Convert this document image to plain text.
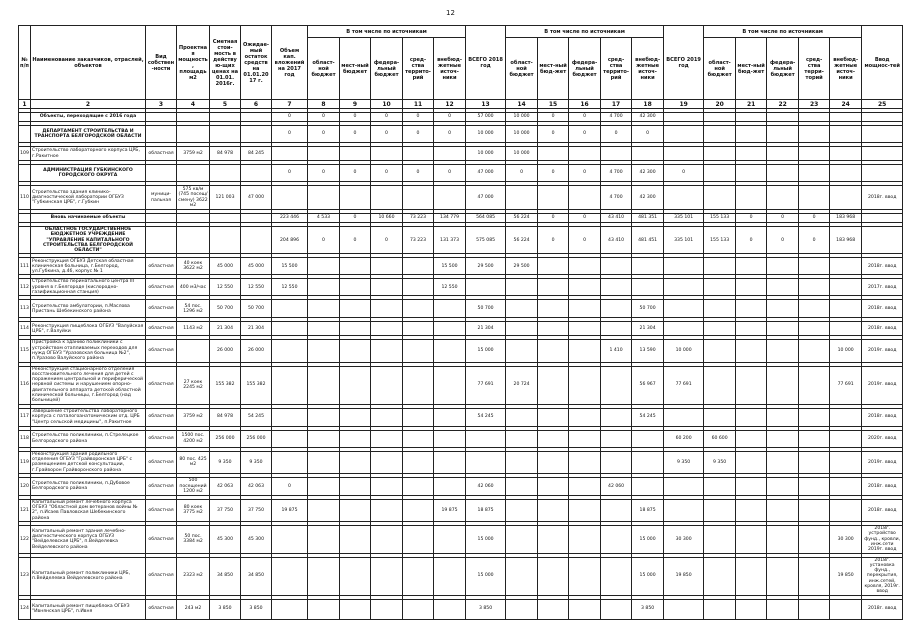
12
№ п/п	Наименование заказчиков, отраслей, объектов	Вид собствен-ности	Проектная мощность, площадь м2	Сметная стои-мость в действую-щих ценах на 01.01. 2016г.	Ожидае-мый остаток средств на 01.01.2017 г.	Объем кап. вложений на 2017 год	В том числе по источникам					ВСЕГО 2018 год	В том числе по источникам					ВСЕГО 2019 год	В том числе по источникам					Ввод мощнос-тей
							област-ной бюджет	мест-ный бюджет	федера-льный бюджет	сред-ства террито-рий	внебюд-жетные источ-ники		област-ной бюджет	мест-ный бюд-жет	федера-льный бюджет	сред-ства террито-рий	внебюд-жетные источ-ники		област-ной бюджет	мест-ный бюд-жет	федера-льный бюджет	сред-ства терри-торий	внебюд-жетные источ-ники	
1	2	3	4	5	6	7	8	9	10	11	12	13	14	15	16	17	18	19	20	21	22	23	24	25

	Объекты, переходящие с 2016 года					0	0	0	0	0	0	57 000	10 000	0	0	4 700	42 300							

	ДЕПАРТАМЕНТ СТРОИТЕЛЬСТВА И ТРАНСПОРТА БЕЛГОРОДСКОЙ ОБЛАСТИ					0	0	0	0	0	0	10 000	10 000	0	0	0	0							

109	Строительство лабораторного корпуса ЦРБ, г.Ракитное	областная	3759 м2	84 978	84 245							10 000	10 000											

	АДМИНИСТРАЦИЯ ГУБКИНСКОГО ГОРОДСКОГО ОКРУГА					0	0	0	0	0	0	47 000	0	0	0	4 700	42 300	0						

110	Строительство здания клинико-диагностической лаборатории ОГБУЗ "Губкинская ЦРБ", г.Губкин	муници-пальная	575 кв/м (745 посещ/смену) 3622 м2	121 003	47 000							47 000				4 700	42 300							2018г. ввод

	Вновь начинаемые объекты					223 446	4 533	0	10 660	73 223	134 779	564 085	56 224	0	0	43 410	481 351	335 101	155 133	0	0	0	183 968	

	ОБЛАСТНОЕ ГОСУДАРСТВЕННОЕ БЮДЖЕТНОЕ УЧРЕЖДЕНИЕ "УПРАВЛЕНИЕ КАПИТАЛЬНОГО СТРОИТЕЛЬСТВА БЕЛГОРОДСКОЙ ОБЛАСТИ"					204 896	0	0	0	73 223	131 373	575 085	56 224	0	0	43 410	481 451	335 101	155 133	0	0	0	183 968	

111	Реконструкция ОГБУЗ Детская областная клиническая больница, г.Белгород, ул.Губкина, д.46, корпус № 1	областная	40 коек 3622 м2	45 000	45 000	15 500					15 500	29 500	29 500											2018г. ввод

112	Строительство перинатального центра III уровня в г.Белгороде (кислородно-газификационная станция)	областная	400 м3/час	12 550	12 550	12 550					12 550													2017г. ввод

113	Строительство амбулатории, п.Маслова Пристань Шебекинского района	областная	54 пос. 1296 м2	50 700	50 700							50 700					50 700							2018г. ввод

114	Реконструкция пищеблока ОГБУЗ "Валуйская ЦРБ", г.Валуйки	областная	1143 м2	21 304	21 304							21 304					21 304							2018г. ввод

115	Пристройка к зданию поликлиники с устройством отапливаемых переходов для нужд ОГБУЗ "Уразовская больница №2", п.Уразово Валуйского района	областная		26 000	26 000							15 000				1 410	13 590	10 000					10 000	2019г. ввод

116	Реконструкция стационарного отделения восстановительного лечения для детей с поражением центральной и периферической нервной системы и нарушением опорно-двигательного аппарата детской областной клинической больницы, г.Белгород (над больницей)	областная	27 коек 2245 м2	155 382	155 382							77 691	20 724				56 967	77 691					77 691	2019г. ввод

117	Завершение строительства лабораторного корпуса с паталогоанатомическим отд. ЦРБ "Центр сельской медицины", п.Ракитное	областная	3759 м2	84 978	54 245							54 245					54 245							2018г. ввод

118	Строительство поликлиники, п.Стрелецкое Белгородского района	областная	1500 пос. 4200 м2	256 000	256 000													60 200	60 600					2020г. ввод

119	Реконструкция здания родильного отделения ОГБУЗ "Грайворонская ЦРБ" с размещением детской консультации, г.Грайворон Грайворонского района	областная	80 пос. 425 м2	9 350	9 350													9 350	9 350					2019г. ввод

120	Строительство поликлиники, п.Дубовое Белгородского района	областная	500 посещений 1200 м2	42 063	42 063	0						42 060				42 060								2018г. ввод

121	Капитальный ремонт лечебного корпуса ОГБУЗ "Областной дом ветеранов войны № 2", п.Исаев Павловская Шебекинского района	областная	80 коек 3775 м2	37 750	37 750	19 875					19 875	18 875					18 875							2018г. ввод

122	Капитальный ремонт здания лечебно-диагностического корпуса ОГБУЗ "Вейделевская ЦРБ", п.Вейделевка Вейделевского района	областная	50 пос. 3384 м2	45 300	45 300							15 000					15 000	30 300					30 300	2018г. устройство фунд., кровли, инж.сети 2019г. ввод

123	Капитальный ремонт поликлиники ЦРБ, п.Вейделевка Вейделевского района	областная	2323 м2	34 850	34 850							15 000					15 000	19 850					19 850	2018г. установка фунд., перекрытия, инж.сетей, кровля, 2019г. ввод

124	Капитальный ремонт пищеблока ОГБУЗ "Ивнянская ЦРБ", п.Ивня	областная	243 м2	3 850	3 850							3 850					3 850							2018г. ввод
